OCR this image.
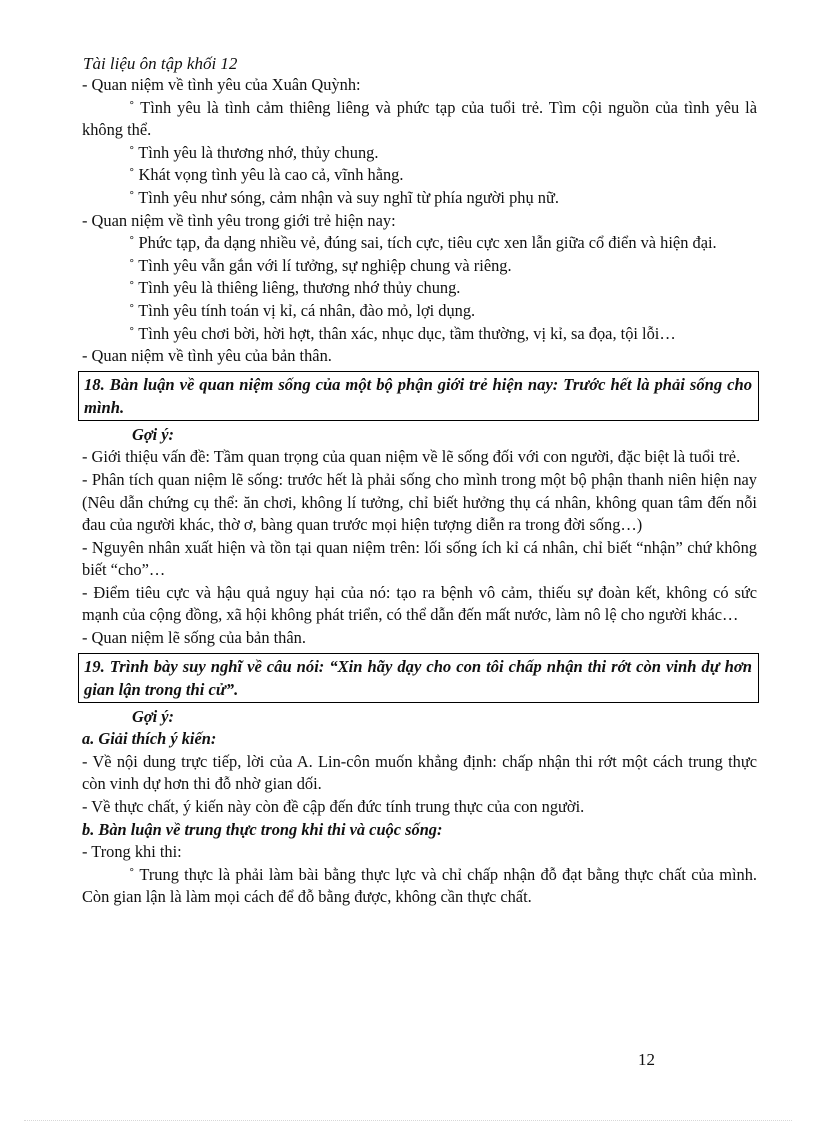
Tài liệu ôn tập khối 12

- Quan niệm về tình yêu của Xuân Quỳnh:

˚ Tình yêu là tình cảm thiêng liêng và phức tạp của tuổi trẻ. Tìm cội nguồn của tình yêu là không thể.

˚ Tình yêu là thương nhớ, thủy chung.

˚ Khát vọng tình yêu là cao cả, vĩnh hằng.

˚ Tình yêu như sóng, cảm nhận và suy nghĩ từ phía người phụ nữ.

- Quan niệm về tình yêu trong giới trẻ hiện nay:

˚ Phức tạp, đa dạng nhiều vẻ, đúng sai, tích cực, tiêu cực xen lẫn giữa cổ điển và hiện đại.

˚ Tình yêu vẫn gắn với lí tưởng, sự nghiệp chung và riêng.

˚ Tình yêu là thiêng liêng, thương nhớ thủy chung.

˚ Tình yêu tính toán vị kỉ, cá nhân, đào mỏ, lợi dụng.

˚ Tình yêu chơi bời, hời hợt, thân xác, nhục dục, tầm thường, vị kỉ, sa đọa, tội lỗi…

- Quan niệm về tình yêu của bản thân.

18. Bàn luận về quan niệm sống của một bộ phận giới trẻ hiện nay: Trước hết là phải sống cho mình.

Gợi ý:

- Giới thiệu vấn đề: Tầm quan trọng của quan niệm về lẽ sống đối với con người, đặc biệt là tuổi trẻ.

- Phân tích quan niệm lẽ sống: trước hết là phải sống cho mình trong một bộ phận thanh niên hiện nay (Nêu dẫn chứng cụ thể: ăn chơi, không lí tưởng, chỉ biết hưởng thụ cá nhân, không quan tâm đến nỗi đau của người khác, thờ ơ, bàng quan trước mọi hiện tượng diễn ra trong đời sống…)

- Nguyên nhân xuất hiện và tồn tại quan niệm trên: lối sống ích kỉ cá nhân, chỉ biết “nhận” chứ không biết “cho”…

- Điểm tiêu cực và hậu quả nguy hại của nó: tạo ra bệnh vô cảm, thiếu sự đoàn kết, không có sức mạnh của cộng đồng, xã hội không phát triển, có thể dẫn đến mất nước, làm nô lệ cho người khác…

- Quan niệm lẽ sống của bản thân.

19. Trình bày suy nghĩ về câu nói: “Xin hãy dạy cho con tôi chấp nhận thi rớt còn vinh dự hơn gian lận trong thi cử”.

Gợi ý:

a. Giải thích ý kiến:

- Về nội dung trực tiếp, lời của A. Lin-côn muốn khẳng định: chấp nhận thi rớt một cách trung thực còn vinh dự hơn thi đỗ nhờ gian dối.

- Về thực chất, ý kiến này còn đề cập đến đức tính trung thực của con người.

b. Bàn luận về trung thực trong khi thi và cuộc sống:

- Trong khi thi:

˚ Trung thực là phải làm bài bằng thực lực và chỉ chấp nhận đỗ đạt bằng thực chất của mình. Còn gian lận là làm mọi cách để đỗ bằng được, không cần thực chất.

12
